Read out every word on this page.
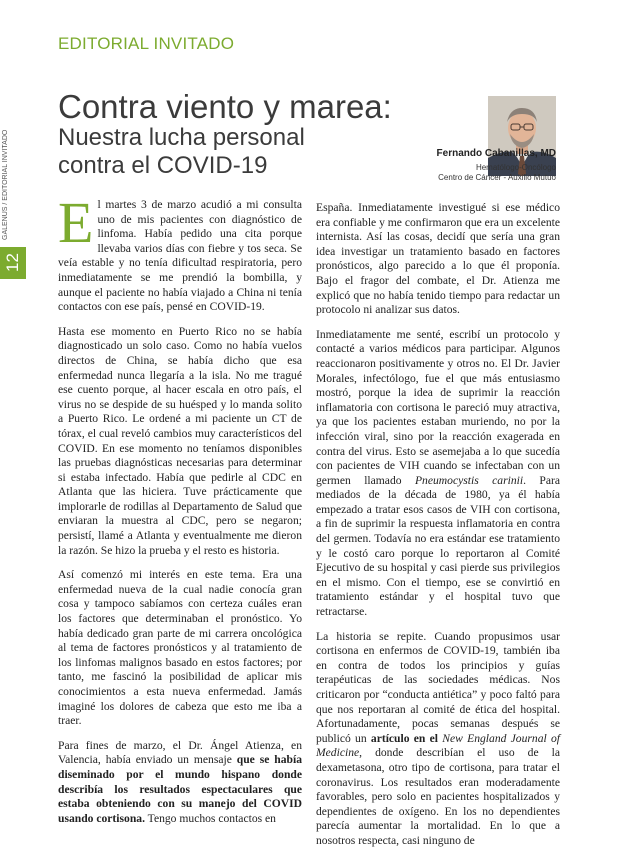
EDITORIAL INVITADO
GALENUS / EDITORIAL INVITADO
12
Contra viento y marea:
Nuestra lucha personal
contra el COVID-19	Fernando Cabanillas, MD
Hematólogo-Oncólogo
Centro de Cáncer - Auxilio Mutuo

El martes 3 de marzo acudió a mi consulta uno de mis pacientes con diagnóstico de linfoma. Había pedido una cita porque llevaba varios días con fiebre y tos seca. Se veía estable y no tenía dificultad respiratoria, pero inmediatamente se me prendió la bombilla, y aunque el paciente no había viajado a China ni tenía contactos con ese país, pensé en COVID-19.

Hasta ese momento en Puerto Rico no se había diagnosticado un solo caso. Como no había vuelos directos de China, se había dicho que esa enfermedad nunca llegaría a la isla. No me tragué ese cuento porque, al hacer escala en otro país, el virus no se despide de su huésped y lo manda solito a Puerto Rico. Le ordené a mi paciente un CT de tórax, el cual reveló cambios muy característicos del COVID. En ese momento no teníamos disponibles las pruebas diagnósticas necesarias para determinar si estaba infectado. Había que pedirle al CDC en Atlanta que las hiciera. Tuve prácticamente que implorarle de rodillas al Departamento de Salud que enviaran la muestra al CDC, pero se negaron; persistí, llamé a Atlanta y eventualmente me dieron la razón. Se hizo la prueba y el resto es historia.

Así comenzó mi interés en este tema. Era una enfermedad nueva de la cual nadie conocía gran cosa y tampoco sabíamos con certeza cuáles eran los factores que determinaban el pronóstico. Yo había dedicado gran parte de mi carrera oncológica al tema de factores pronósticos y al tratamiento de los linfomas malignos basado en estos factores; por tanto, me fascinó la posibilidad de aplicar mis conocimientos a esta nueva enfermedad. Jamás imaginé los dolores de cabeza que esto me iba a traer.

Para fines de marzo, el Dr. Ángel Atienza, en Valencia, había enviado un mensaje que se había diseminado por el mundo hispano donde describía los resultados espectaculares que estaba obteniendo con su manejo del COVID usando cortisona. Tengo muchos contactos en

España. Inmediatamente investigué si ese médico era confiable y me confirmaron que era un excelente internista. Así las cosas, decidí que sería una gran idea investigar un tratamiento basado en factores pronósticos, algo parecido a lo que él proponía. Bajo el fragor del combate, el Dr. Atienza me explicó que no había tenido tiempo para redactar un protocolo ni analizar sus datos.

Inmediatamente me senté, escribí un protocolo y contacté a varios médicos para participar. Algunos reaccionaron positivamente y otros no. El Dr. Javier Morales, infectólogo, fue el que más entusiasmo mostró, porque la idea de suprimir la reacción inflamatoria con cortisona le pareció muy atractiva, ya que los pacientes estaban muriendo, no por la infección viral, sino por la reacción exagerada en contra del virus. Esto se asemejaba a lo que sucedía con pacientes de VIH cuando se infectaban con un germen llamado Pneumocystis carinii. Para mediados de la década de 1980, ya él había empezado a tratar esos casos de VIH con cortisona, a fin de suprimir la respuesta inflamatoria en contra del germen. Todavía no era estándar ese tratamiento y le costó caro porque lo reportaron al Comité Ejecutivo de su hospital y casi pierde sus privilegios en el mismo. Con el tiempo, ese se convirtió en tratamiento estándar y el hospital tuvo que retractarse.

La historia se repite. Cuando propusimos usar cortisona en enfermos de COVID-19, también iba en contra de todos los principios y guías terapéuticas de las sociedades médicas. Nos criticaron por “conducta antiética” y poco faltó para que nos reportaran al comité de ética del hospital. Afortunadamente, pocas semanas después se publicó un artículo en el New England Journal of Medicine, donde describían el uso de la dexametasona, otro tipo de cortisona, para tratar el coronavirus. Los resultados eran moderadamente favorables, pero solo en pacientes hospitalizados y dependientes de oxígeno. En los no dependientes parecía aumentar la mortalidad. En lo que a nosotros respecta, casi ninguno de
